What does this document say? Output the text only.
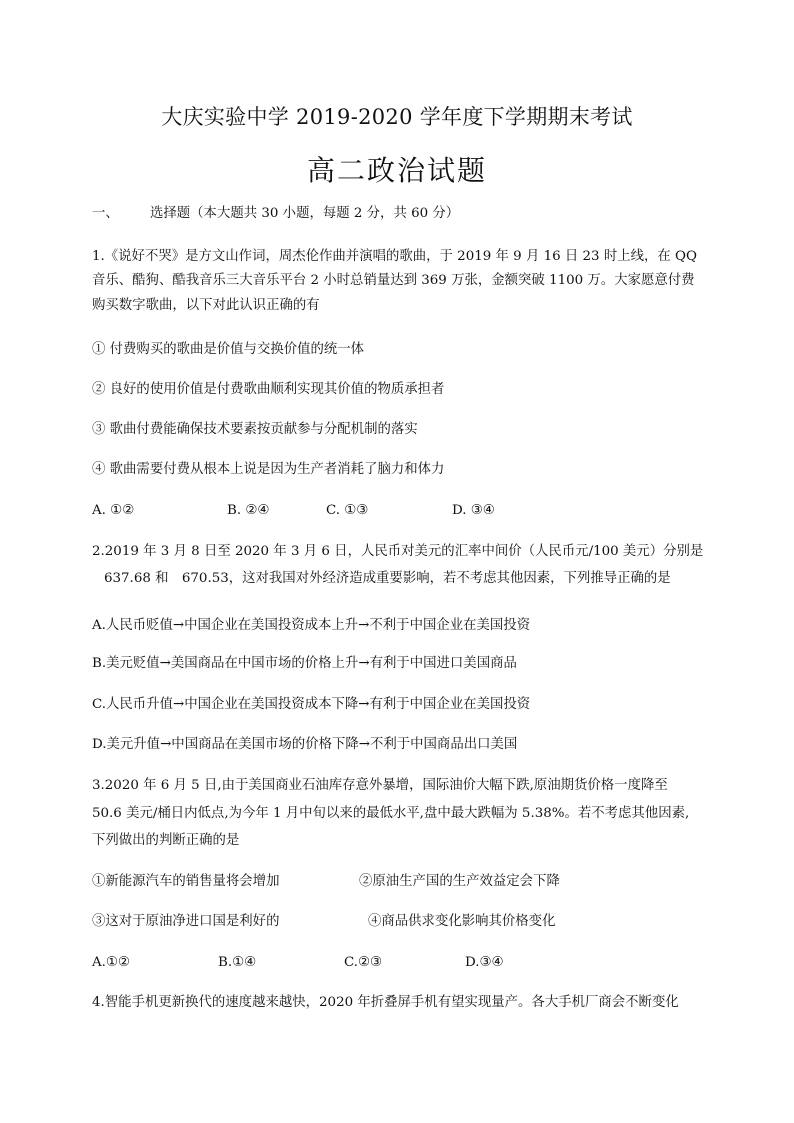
大庆实验中学 2019-2020 学年度下学期期末考试
高二政治试题
一、 选择题（本大题共 30 小题，每题 2 分，共 60 分）
1.《说好不哭》是方文山作词，周杰伦作曲并演唱的歌曲，于 2019 年 9 月 16 日 23 时上线，在 QQ
音乐、酷狗、酷我音乐三大音乐平台 2 小时总销量达到 369 万张，金额突破 1100 万。大家愿意付费
购买数字歌曲，以下对此认识正确的有
① 付费购买的歌曲是价值与交换价值的统一体
② 良好的使用价值是付费歌曲顺利实现其价值的物质承担者
③ 歌曲付费能确保技术要素按贡献参与分配机制的落实
④ 歌曲需要付费从根本上说是因为生产者消耗了脑力和体力
A. ①②	B. ②④	C. ①③	D. ③④
2.2019 年 3 月 8 日至 2020 年 3 月 6 日，人民币对美元的汇率中间价（人民币元/100 美元）分别是
637.68 和　670.53，这对我国对外经济造成重要影响，若不考虑其他因素，下列推导正确的是
A.人民币贬值→中国企业在美国投资成本上升→不利于中国企业在美国投资
B.美元贬值→美国商品在中国市场的价格上升→有利于中国进口美国商品
C.人民币升值→中国企业在美国投资成本下降→有利于中国企业在美国投资
D.美元升值→中国商品在美国市场的价格下降→不利于中国商品出口美国
3.2020 年 6 月 5 日,由于美国商业石油库存意外暴增，国际油价大幅下跌,原油期货价格一度降至
50.6 美元/桶日内低点,为今年 1 月中旬以来的最低水平,盘中最大跌幅为 5.38%。若不考虑其他因素,
下列做出的判断正确的是
①新能源汽车的销售量将会增加	②原油生产国的生产效益定会下降
③这对于原油净进口国是利好的	④商品供求变化影响其价格变化
A.①②	B.①④	C.②③	D.③④
4.智能手机更新换代的速度越来越快，2020 年折叠屏手机有望实现量产。各大手机厂商会不断变化
